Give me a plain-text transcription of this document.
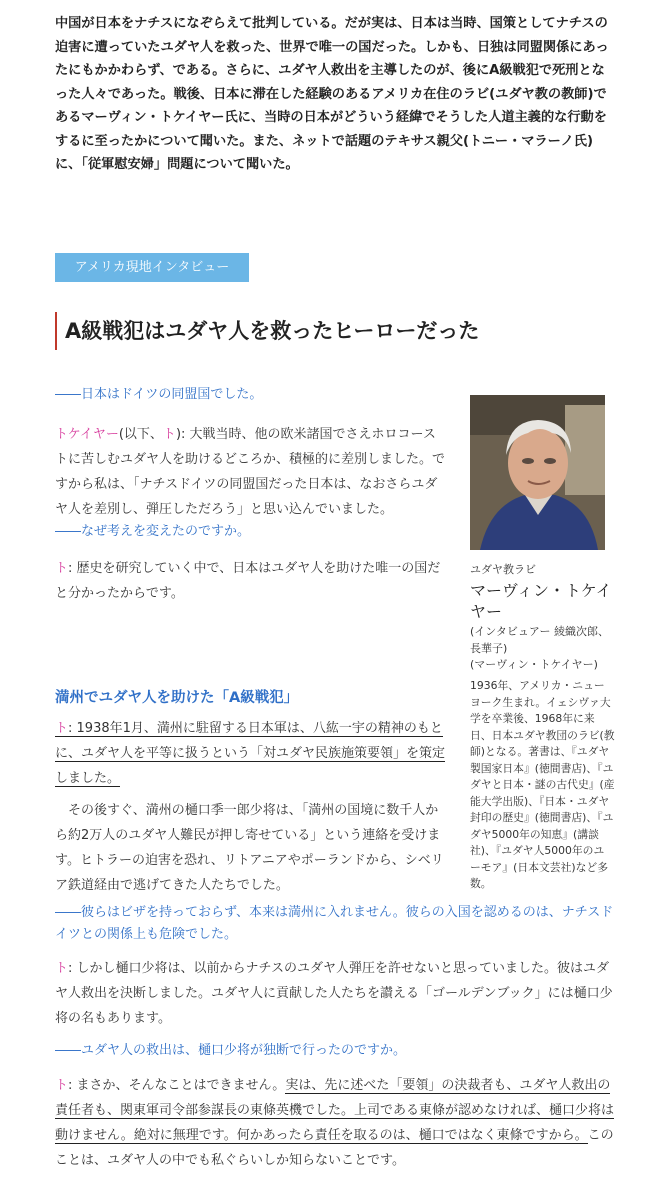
中国が日本をナチスになぞらえて批判している。だが実は、日本は当時、国策としてナチスの迫害に遭っていたユダヤ人を救った、世界で唯一の国だった。しかも、日独は同盟関係にあったにもかかわらず、である。さらに、ユダヤ人救出を主導したのが、後にA級戦犯で死刑となった人々であった。戦後、日本に滞在した経験のあるアメリカ在住のラビ(ユダヤ教の教師)であるマーヴィン・トケイヤー氏に、当時の日本がどういう経緯でそうした人道主義的な行動をするに至ったかについて聞いた。また、ネットで話題のテキサス親父(トニー・マラーノ氏)に、「従軍慰安婦」問題について聞いた。

アメリカ現地インタビュー
A級戦犯はユダヤ人を救ったヒーローだった
――日本はドイツの同盟国でした。

トケイヤー(以下、ト): 大戦当時、他の欧米諸国でさえホロコーストに苦しむユダヤ人を助けるどころか、積極的に差別しました。ですから私は、「ナチスドイツの同盟国だった日本は、なおさらユダヤ人を差別し、弾圧しただろう」と思い込んでいました。

――なぜ考えを変えたのですか。

ト: 歴史を研究していく中で、日本はユダヤ人を助けた唯一の国だと分かったからです。

満州でユダヤ人を助けた「A級戦犯」

ト: 1938年1月、満州に駐留する日本軍は、八紘一宇の精神のもとに、ユダヤ人を平等に扱うという「対ユダヤ民族施策要領」を策定しました。

その後すぐ、満州の樋口季一郎少将は、「満州の国境に数千人から約2万人のユダヤ人難民が押し寄せている」という連絡を受けます。ヒトラーの迫害を恐れ、リトアニアやポーランドから、シベリア鉄道経由で逃げてきた人たちでした。

――彼らはビザを持っておらず、本来は満州に入れません。彼らの入国を認めるのは、ナチスドイツとの関係上も危険でした。

ト: しかし樋口少将は、以前からナチスのユダヤ人弾圧を許せないと思っていました。彼はユダヤ人救出を決断しました。ユダヤ人に貢献した人たちを讃える「ゴールデンブック」には樋口少将の名もあります。

――ユダヤ人の救出は、樋口少将が独断で行ったのですか。

ト: まさか、そんなことはできません。実は、先に述べた「要領」の決裁者も、ユダヤ人救出の責任者も、関東軍司令部参謀長の東條英機でした。上司である東條が認めなければ、樋口少将は動けません。絶対に無理です。何かあったら責任を取るのは、樋口ではなく東條ですから。このことは、ユダヤ人の中でも私ぐらいしか知らないことです。

ユダヤ教ラビ
マーヴィン・トケイヤー
(インタビュアー 綾織次郎、長華子)
(マーヴィン・トケイヤー)
1936年、アメリカ・ニューヨーク生まれ。イェシヴァ大学を卒業後、1968年に来日、日本ユダヤ教団のラビ(教師)となる。著書は、『ユダヤ製国家日本』(徳間書店)、『ユダヤと日本・謎の古代史』(産能大学出版)、『日本・ユダヤ封印の歴史』(徳間書店)、『ユダヤ5000年の知恵』(講談社)、『ユダヤ人5000年のユーモア』(日本文芸社)など多数。
